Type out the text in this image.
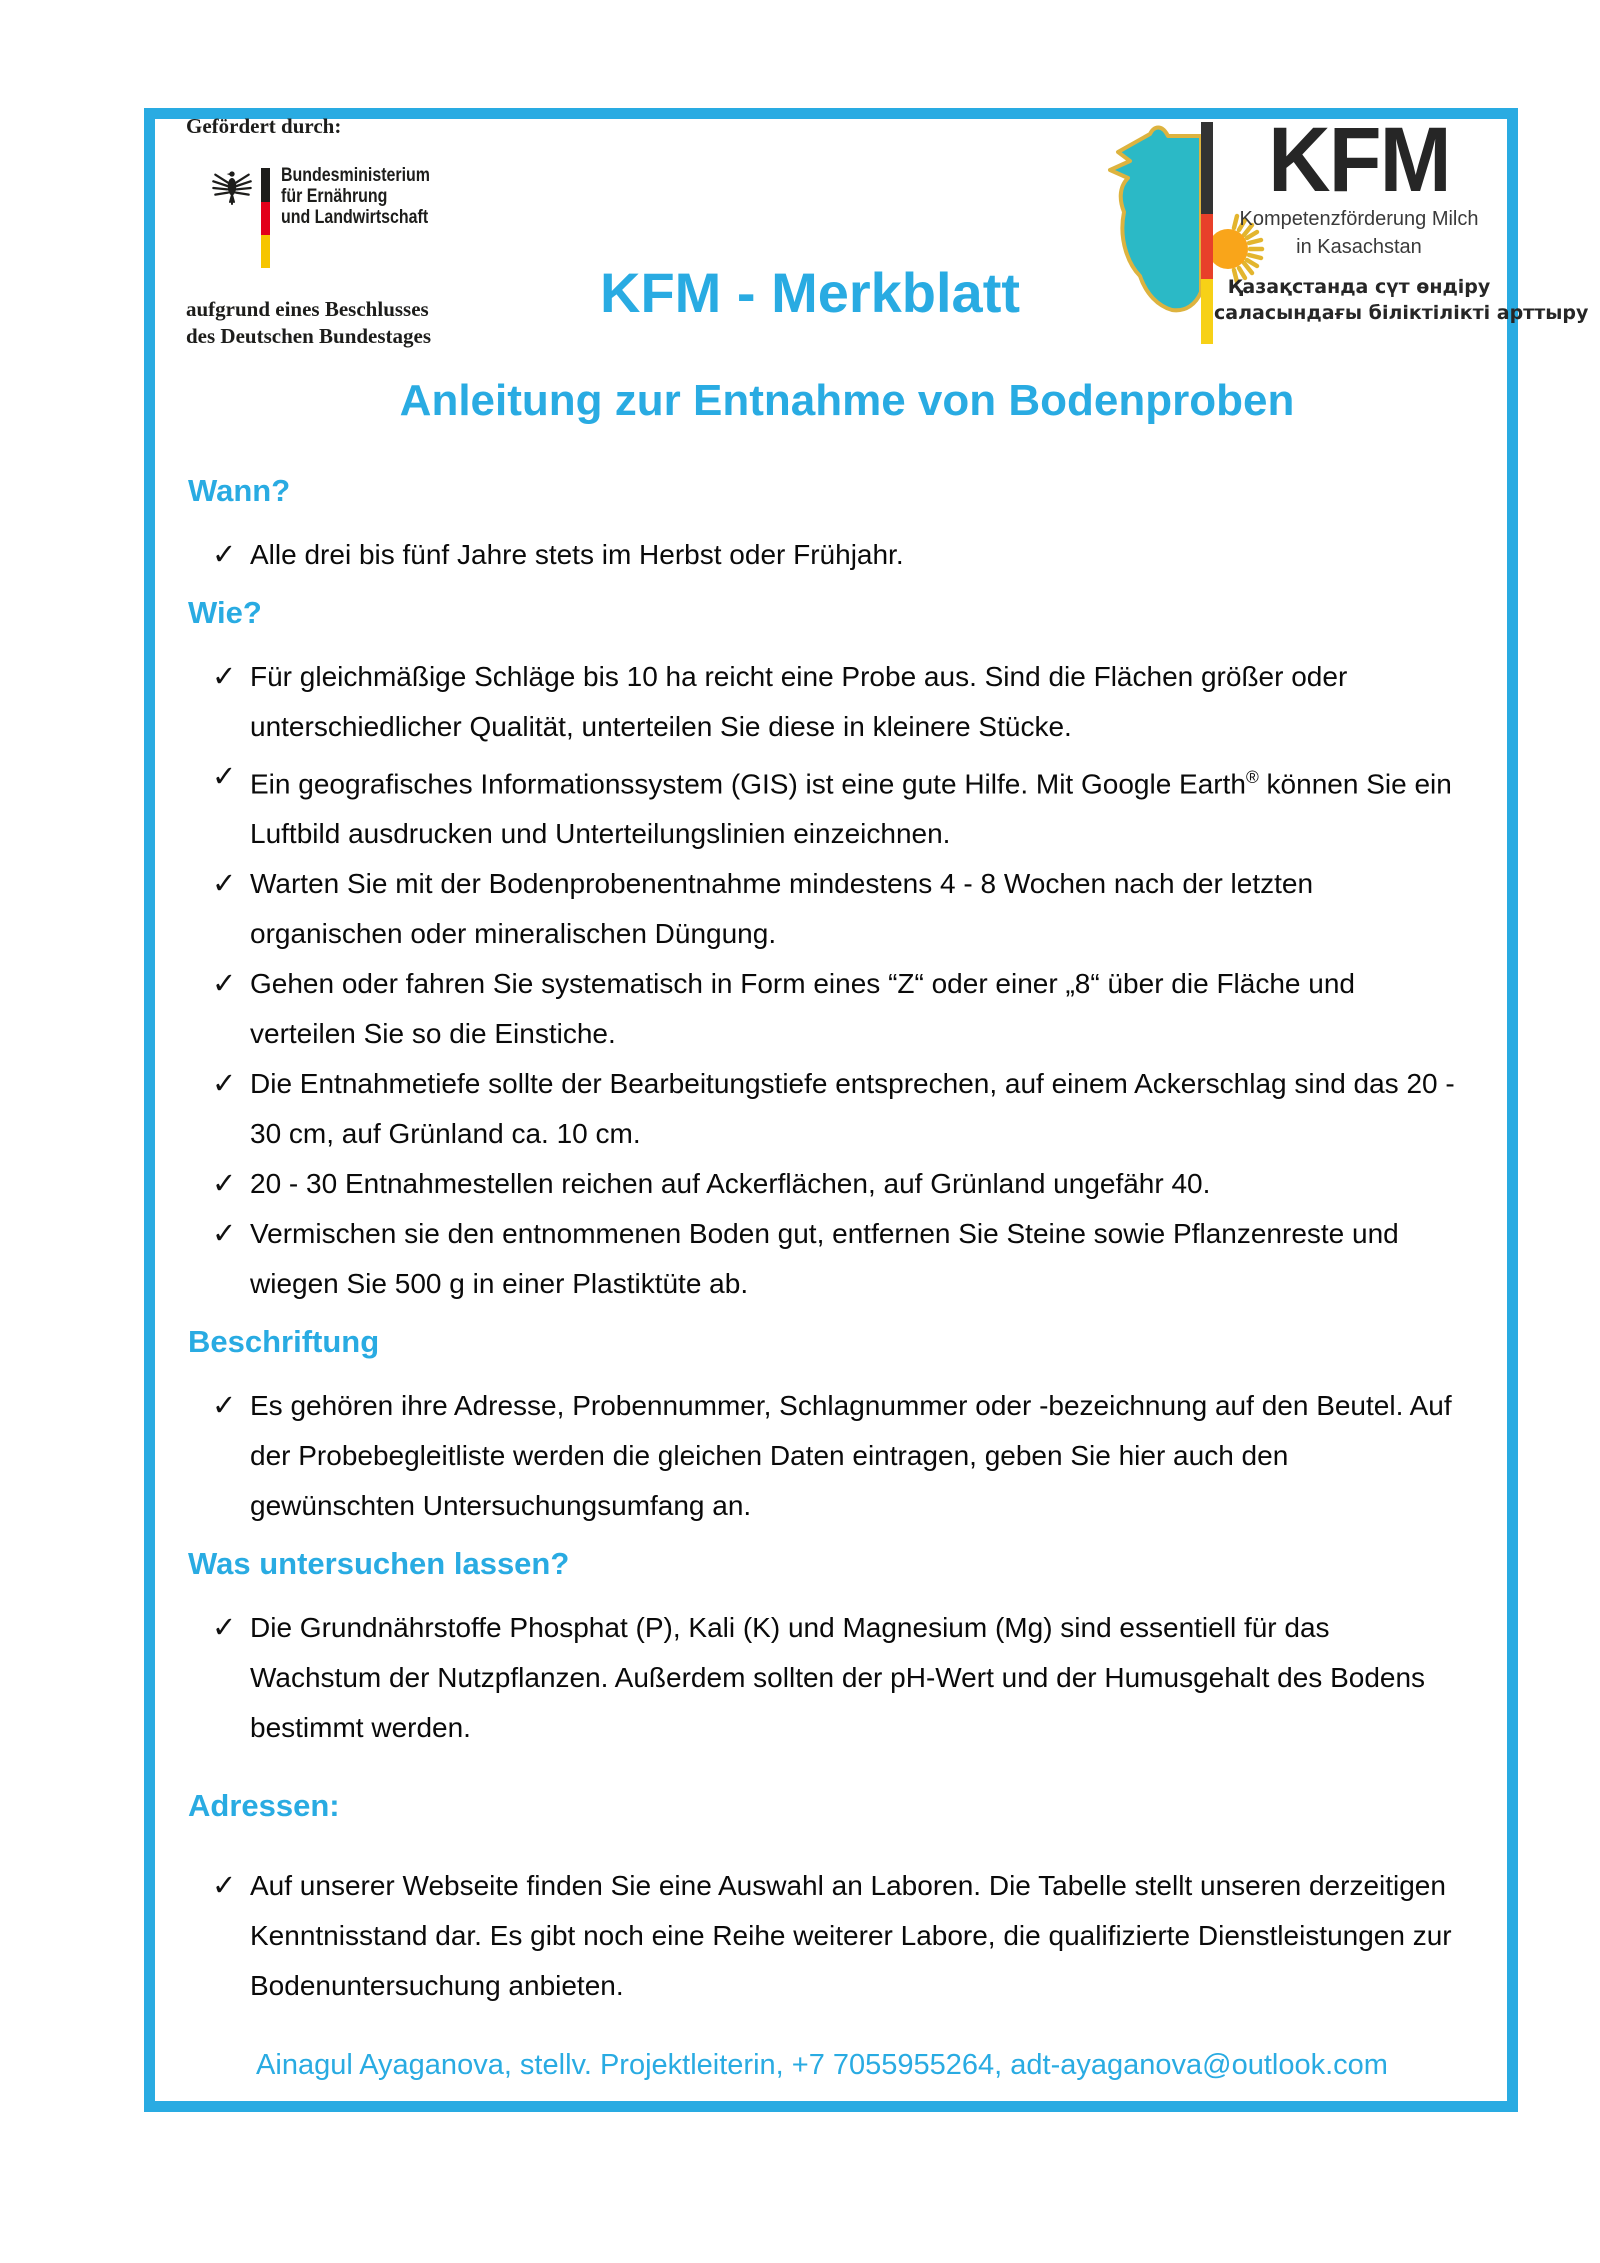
Gefördert durch:
Bundesministerium
für Ernährung
und Landwirtschaft
aufgrund eines Beschlusses
des Deutschen Bundestages
KFM - Merkblatt
KFM
Kompetenzförderung Milch
in Kasachstan
Қазақстанда сүт өндіру
саласындағы біліктілікті арттыру
Anleitung zur Entnahme von Bodenproben
Wann?
✓ Alle drei bis fünf Jahre stets im Herbst oder Frühjahr.

Wie?
✓ Für gleichmäßige Schläge bis 10 ha reicht eine Probe aus. Sind die Flächen größer oder unterschiedlicher Qualität, unterteilen Sie diese in kleinere Stücke.

✓ Ein geografisches Informationssystem (GIS) ist eine gute Hilfe. Mit Google Earth® können Sie ein Luftbild ausdrucken und Unterteilungslinien einzeichnen.

✓ Warten Sie mit der Bodenprobenentnahme mindestens 4 - 8 Wochen nach der letzten organischen oder mineralischen Düngung.

✓ Gehen oder fahren Sie systematisch in Form eines “Z“ oder einer „8“ über die Fläche und verteilen Sie so die Einstiche.

✓ Die Entnahmetiefe sollte der Bearbeitungstiefe entsprechen, auf einem Ackerschlag sind das 20 - 30 cm, auf Grünland ca. 10 cm.

✓ 20 - 30 Entnahmestellen reichen auf Ackerflächen, auf Grünland ungefähr 40.

✓ Vermischen sie den entnommenen Boden gut, entfernen Sie Steine sowie Pflanzenreste und wiegen Sie 500 g in einer Plastiktüte ab.

Beschriftung
✓ Es gehören ihre Adresse, Probennummer, Schlagnummer oder -bezeichnung auf den Beutel. Auf der Probebegleitliste werden die gleichen Daten eintragen, geben Sie hier auch den gewünschten Untersuchungsumfang an.

Was untersuchen lassen?
✓ Die Grundnährstoffe Phosphat (P), Kali (K) und Magnesium (Mg) sind essentiell für das Wachstum der Nutzpflanzen. Außerdem sollten der pH-Wert und der Humusgehalt des Bodens bestimmt werden.

Adressen:
✓ Auf unserer Webseite finden Sie eine Auswahl an Laboren. Die Tabelle stellt unseren derzeitigen Kenntnisstand dar. Es gibt noch eine Reihe weiterer Labore, die qualifizierte Dienstleistungen zur Bodenuntersuchung anbieten.

Ainagul Ayaganova, stellv. Projektleiterin, +7 7055955264, adt-ayaganova@outlook.com
